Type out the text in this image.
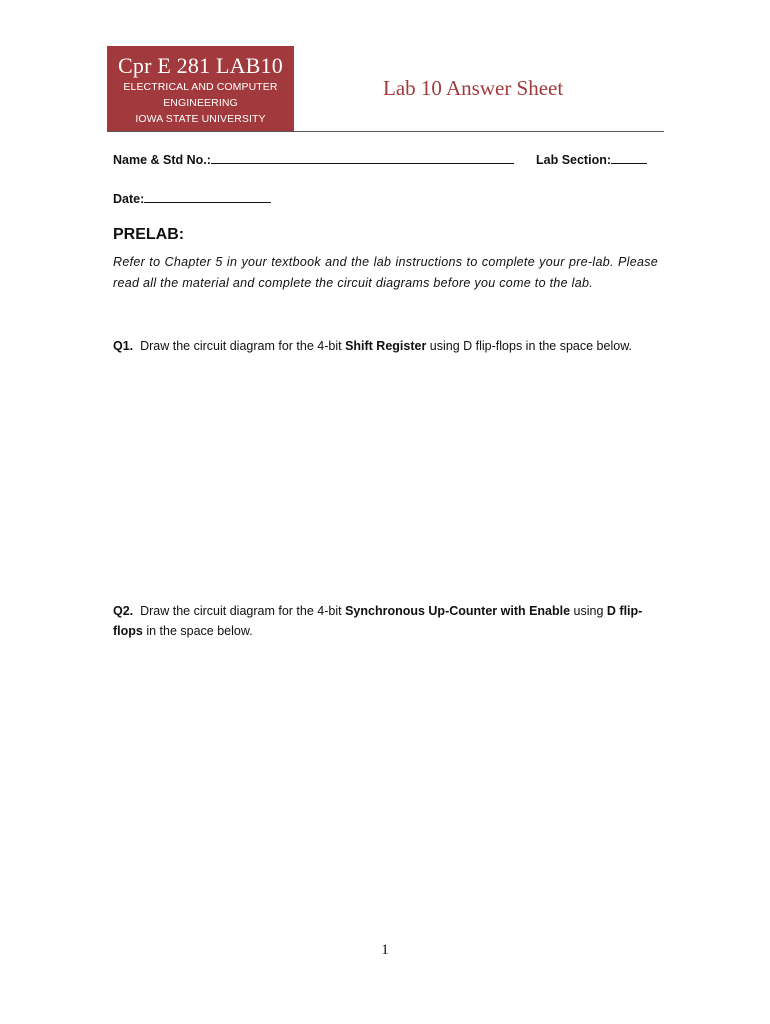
Cpr E 281 LAB10
ELECTRICAL AND COMPUTER
ENGINEERING
IOWA STATE UNIVERSITY
Lab 10 Answer Sheet
Name & Std No.:	Lab Section:
Date:
PRELAB:
Refer to Chapter 5 in your textbook and the lab instructions to complete your pre-lab. Please read all the material and complete the circuit diagrams before you come to the lab.
Q1. Draw the circuit diagram for the 4-bit Shift Register using D flip-flops in the space below.
Q2. Draw the circuit diagram for the 4-bit Synchronous Up-Counter with Enable using D flip-flops in the space below.
1
